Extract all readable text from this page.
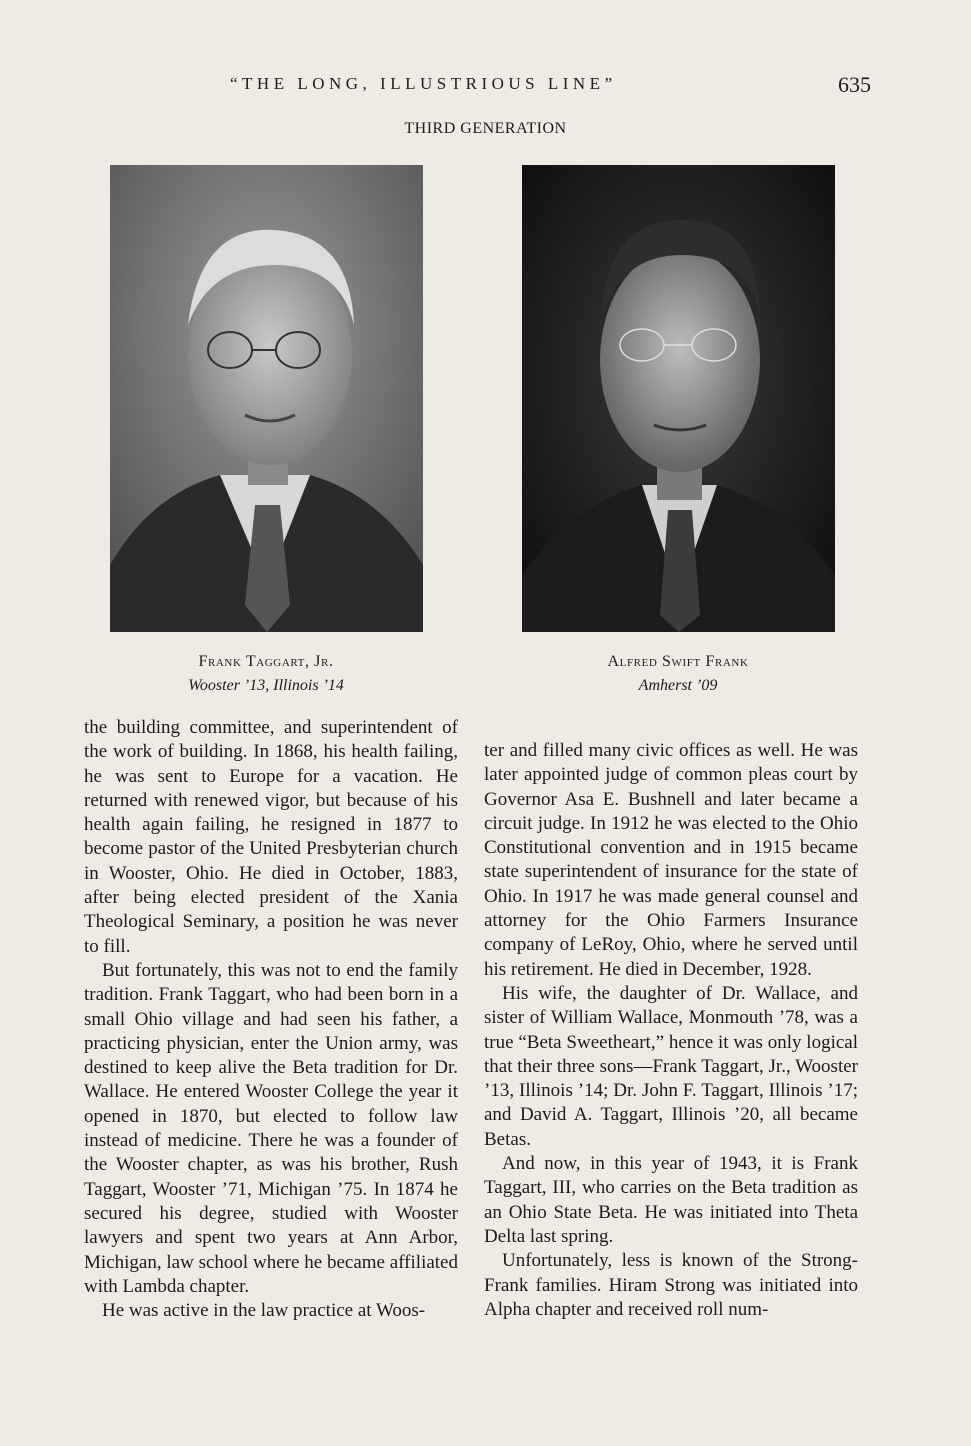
“THE LONG, ILLUSTRIOUS LINE”	635
THIRD GENERATION
Frank Taggart, Jr.
Wooster ’13, Illinois ’14
Alfred Swift Frank
Amherst ’09

the building committee, and superintendent of the work of building. In 1868, his health failing, he was sent to Europe for a vacation. He returned with renewed vigor, but because of his health again failing, he resigned in 1877 to become pastor of the United Presbyterian church in Wooster, Ohio. He died in October, 1883, after being elected president of the Xania Theological Seminary, a position he was never to fill.

But fortunately, this was not to end the family tradition. Frank Taggart, who had been born in a small Ohio village and had seen his father, a practicing physician, enter the Union army, was destined to keep alive the Beta tradition for Dr. Wallace. He entered Wooster College the year it opened in 1870, but elected to follow law instead of medicine. There he was a founder of the Wooster chapter, as was his brother, Rush Taggart, Wooster ’71, Michigan ’75. In 1874 he secured his degree, studied with Wooster lawyers and spent two years at Ann Arbor, Michigan, law school where he became affiliated with Lambda chapter.

He was active in the law practice at Woos-

ter and filled many civic offices as well. He was later appointed judge of common pleas court by Governor Asa E. Bushnell and later became a circuit judge. In 1912 he was elected to the Ohio Constitutional convention and in 1915 became state superintendent of insurance for the state of Ohio. In 1917 he was made general counsel and attorney for the Ohio Farmers Insurance company of LeRoy, Ohio, where he served until his retirement. He died in December, 1928.

His wife, the daughter of Dr. Wallace, and sister of William Wallace, Monmouth ’78, was a true “Beta Sweetheart,” hence it was only logical that their three sons—Frank Taggart, Jr., Wooster ’13, Illinois ’14; Dr. John F. Taggart, Illinois ’17; and David A. Taggart, Illinois ’20, all became Betas.

And now, in this year of 1943, it is Frank Taggart, III, who carries on the Beta tradition as an Ohio State Beta. He was initiated into Theta Delta last spring.

Unfortunately, less is known of the Strong-Frank families. Hiram Strong was initiated into Alpha chapter and received roll num-
